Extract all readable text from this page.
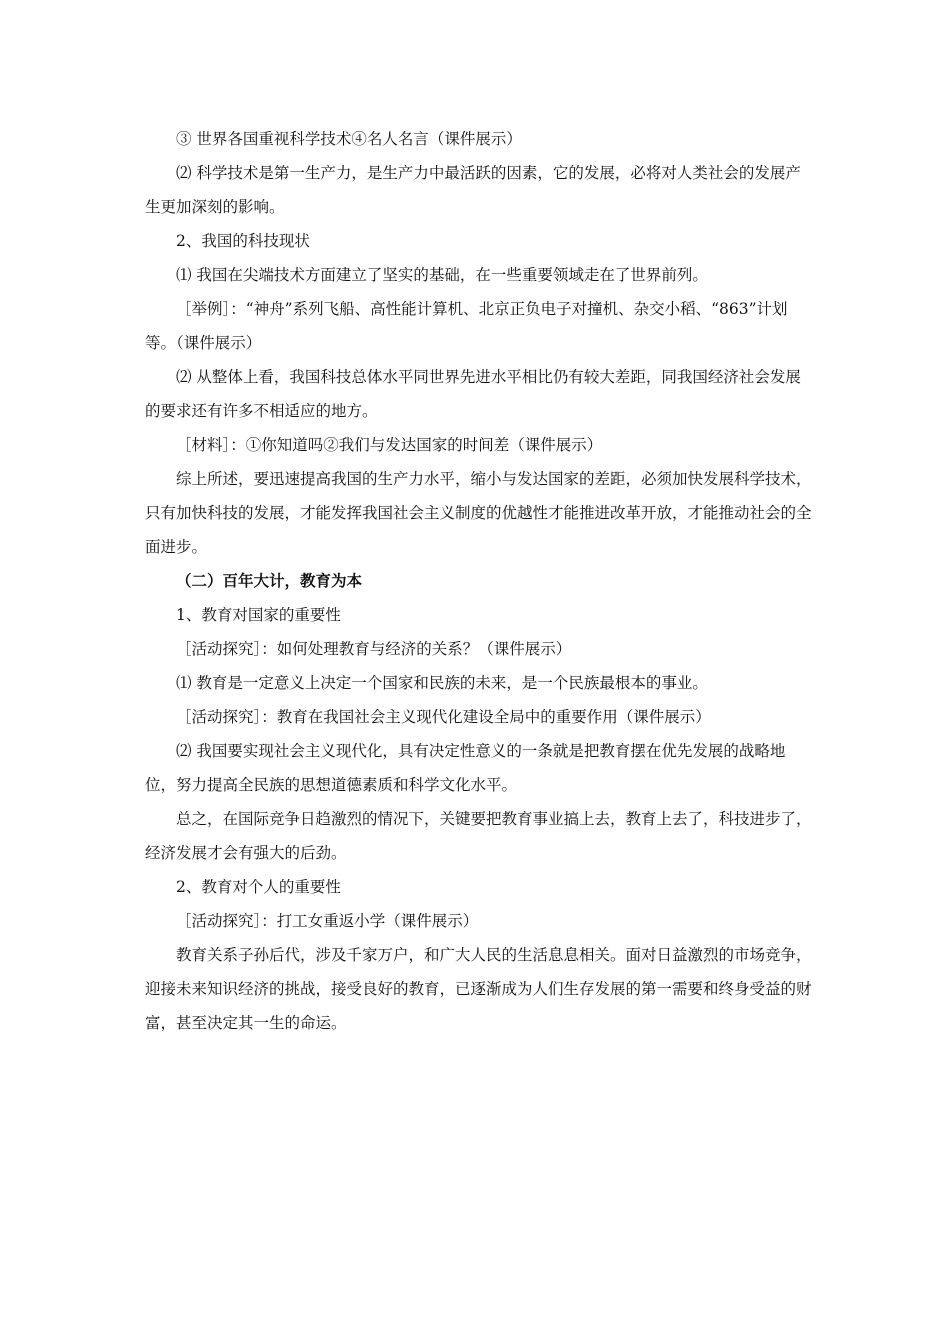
③ 世界各国重视科学技术④名人名言（课件展示）
⑵ 科学技术是第一生产力，是生产力中最活跃的因素，它的发展，必将对人类社会的发展产生更加深刻的影响。
2、我国的科技现状
⑴ 我国在尖端技术方面建立了坚实的基础，在一些重要领域走在了世界前列。
［举例］：“神舟”系列飞船、高性能计算机、北京正负电子对撞机、杂交小稻、“863”计划等。（课件展示）
⑵ 从整体上看，我国科技总体水平同世界先进水平相比仍有较大差距，同我国经济社会发展的要求还有许多不相适应的地方。
［材料］：①你知道吗②我们与发达国家的时间差（课件展示）
综上所述，要迅速提高我国的生产力水平，缩小与发达国家的差距，必须加快发展科学技术，只有加快科技的发展，才能发挥我国社会主义制度的优越性才能推进改革开放，才能推动社会的全面进步。
（二）百年大计，教育为本
1、教育对国家的重要性
［活动探究］：如何处理教育与经济的关系？（课件展示）
⑴ 教育是一定意义上决定一个国家和民族的未来，是一个民族最根本的事业。
［活动探究］：教育在我国社会主义现代化建设全局中的重要作用（课件展示）
⑵ 我国要实现社会主义现代化，具有决定性意义的一条就是把教育摆在优先发展的战略地位，努力提高全民族的思想道德素质和科学文化水平。
总之，在国际竞争日趋激烈的情况下，关键要把教育事业搞上去，教育上去了，科技进步了，经济发展才会有强大的后劲。
2、教育对个人的重要性
［活动探究］：打工女重返小学（课件展示）
教育关系子孙后代，涉及千家万户，和广大人民的生活息息相关。面对日益激烈的市场竞争，迎接未来知识经济的挑战，接受良好的教育，已逐渐成为人们生存发展的第一需要和终身受益的财富，甚至决定其一生的命运。
